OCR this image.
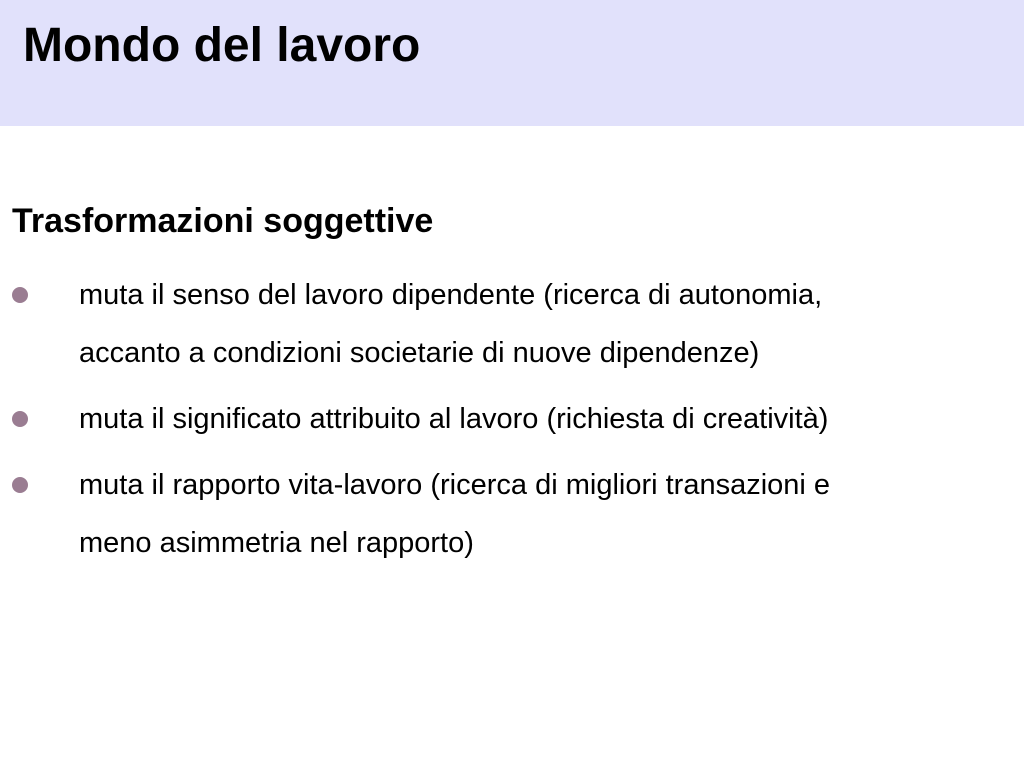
Mondo del lavoro
Trasformazioni soggettive
muta il senso del lavoro dipendente (ricerca di autonomia,
accanto a condizioni societarie di nuove dipendenze)
muta il significato attribuito al lavoro (richiesta di creatività)
muta il rapporto vita-lavoro (ricerca di migliori transazioni e
meno asimmetria nel rapporto)
